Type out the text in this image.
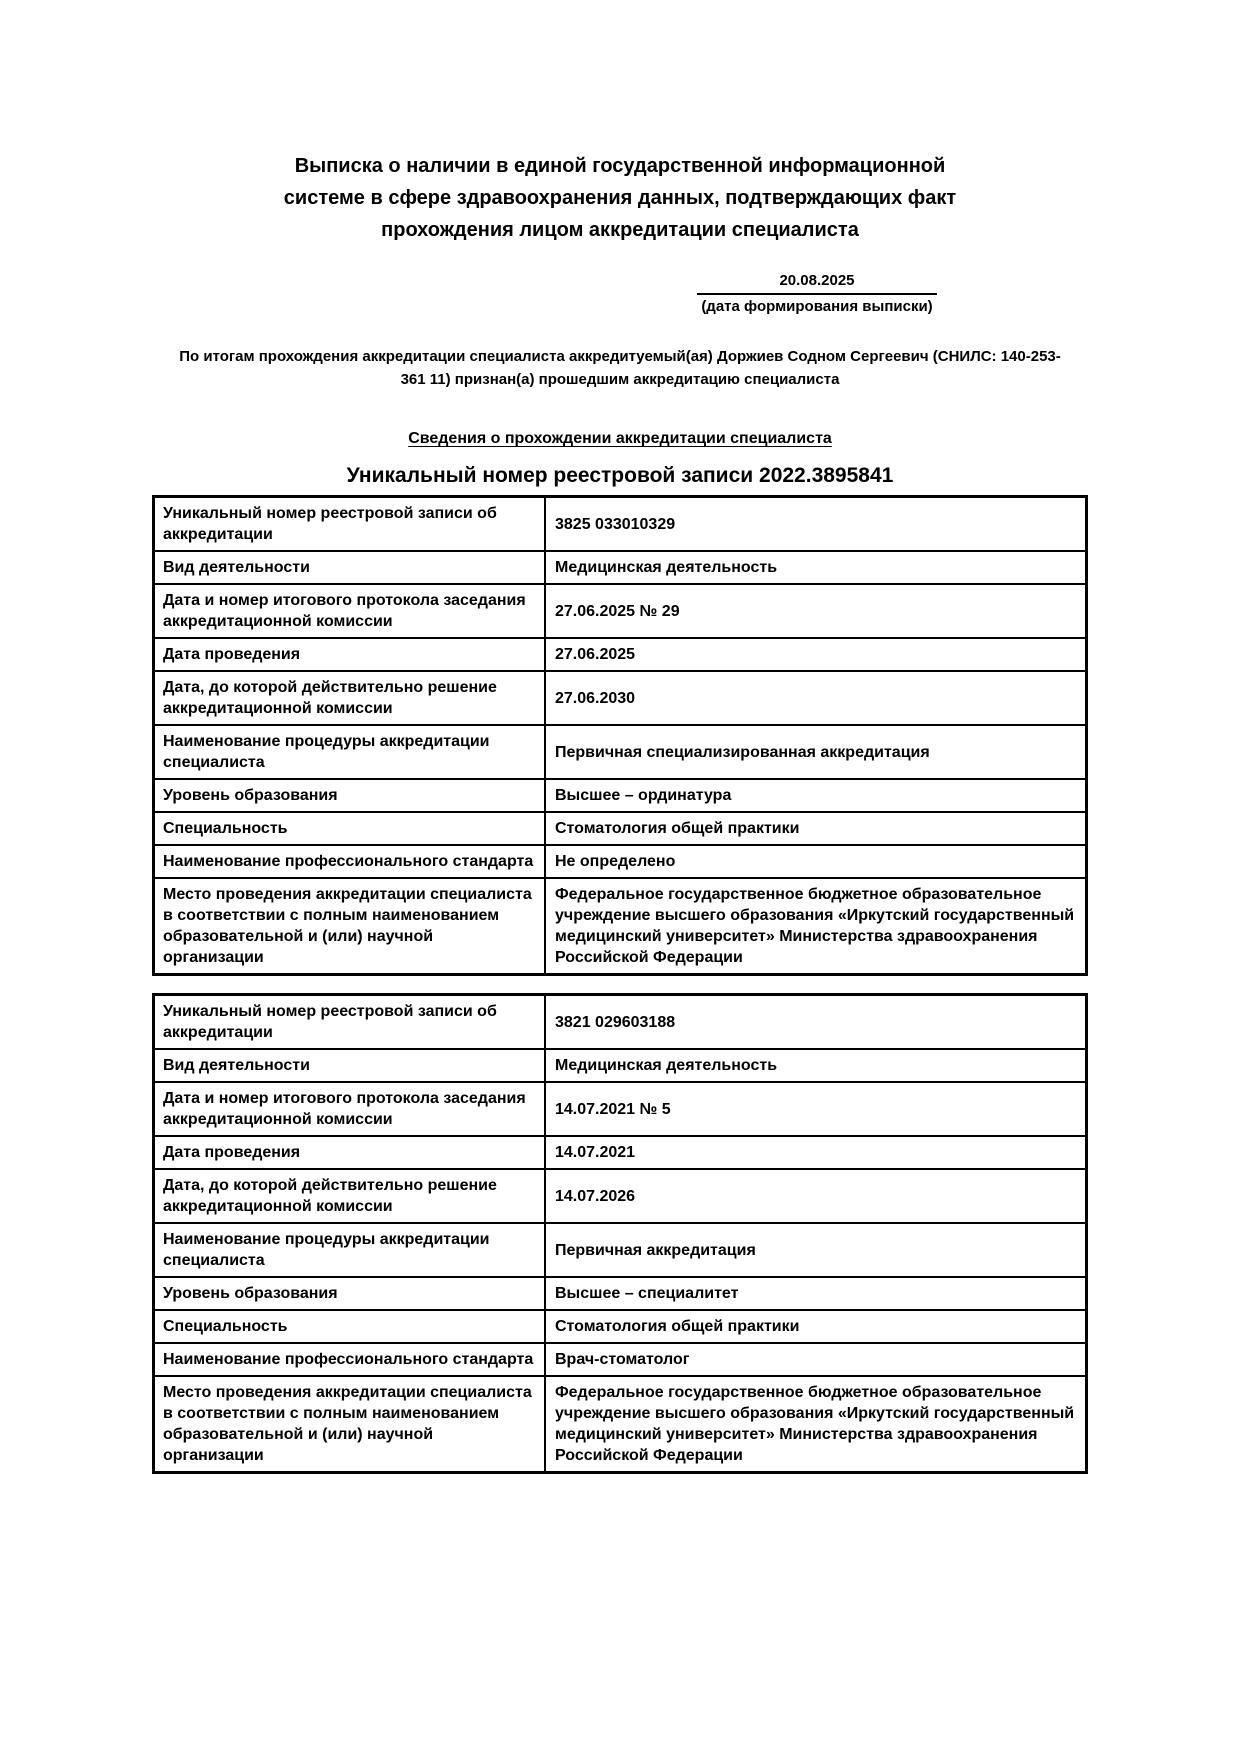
Выписка о наличии в единой государственной информационной
системе в сфере здравоохранения данных, подтверждающих факт
прохождения лицом аккредитации специалиста
20.08.2025
(дата формирования выписки)

По итогам прохождения аккредитации специалиста аккредитуемый(ая) Доржиев Содном Сергеевич (СНИЛС: 140-253-361 11) признан(а) прошедшим аккредитацию специалиста

Сведения о прохождении аккредитации специалиста
Уникальный номер реестровой записи 2022.3895841
Уникальный номер реестровой записи об аккредитации	3825 033010329
Вид деятельности	Медицинская деятельность
Дата и номер итогового протокола заседания аккредитационной комиссии	27.06.2025 № 29
Дата проведения	27.06.2025
Дата, до которой действительно решение аккредитационной комиссии	27.06.2030
Наименование процедуры аккредитации специалиста	Первичная специализированная аккредитация
Уровень образования	Высшее – ординатура
Специальность	Стоматология общей практики
Наименование профессионального стандарта	Не определено
Место проведения аккредитации специалиста в соответствии с полным наименованием образовательной и (или) научной организации	Федеральное государственное бюджетное образовательное учреждение высшего образования «Иркутский государственный медицинский университет» Министерства здравоохранения Российской Федерации
Уникальный номер реестровой записи об аккредитации	3821 029603188
Вид деятельности	Медицинская деятельность
Дата и номер итогового протокола заседания аккредитационной комиссии	14.07.2021 № 5
Дата проведения	14.07.2021
Дата, до которой действительно решение аккредитационной комиссии	14.07.2026
Наименование процедуры аккредитации специалиста	Первичная аккредитация
Уровень образования	Высшее – специалитет
Специальность	Стоматология общей практики
Наименование профессионального стандарта	Врач-стоматолог
Место проведения аккредитации специалиста в соответствии с полным наименованием образовательной и (или) научной организации	Федеральное государственное бюджетное образовательное учреждение высшего образования «Иркутский государственный медицинский университет» Министерства здравоохранения Российской Федерации
